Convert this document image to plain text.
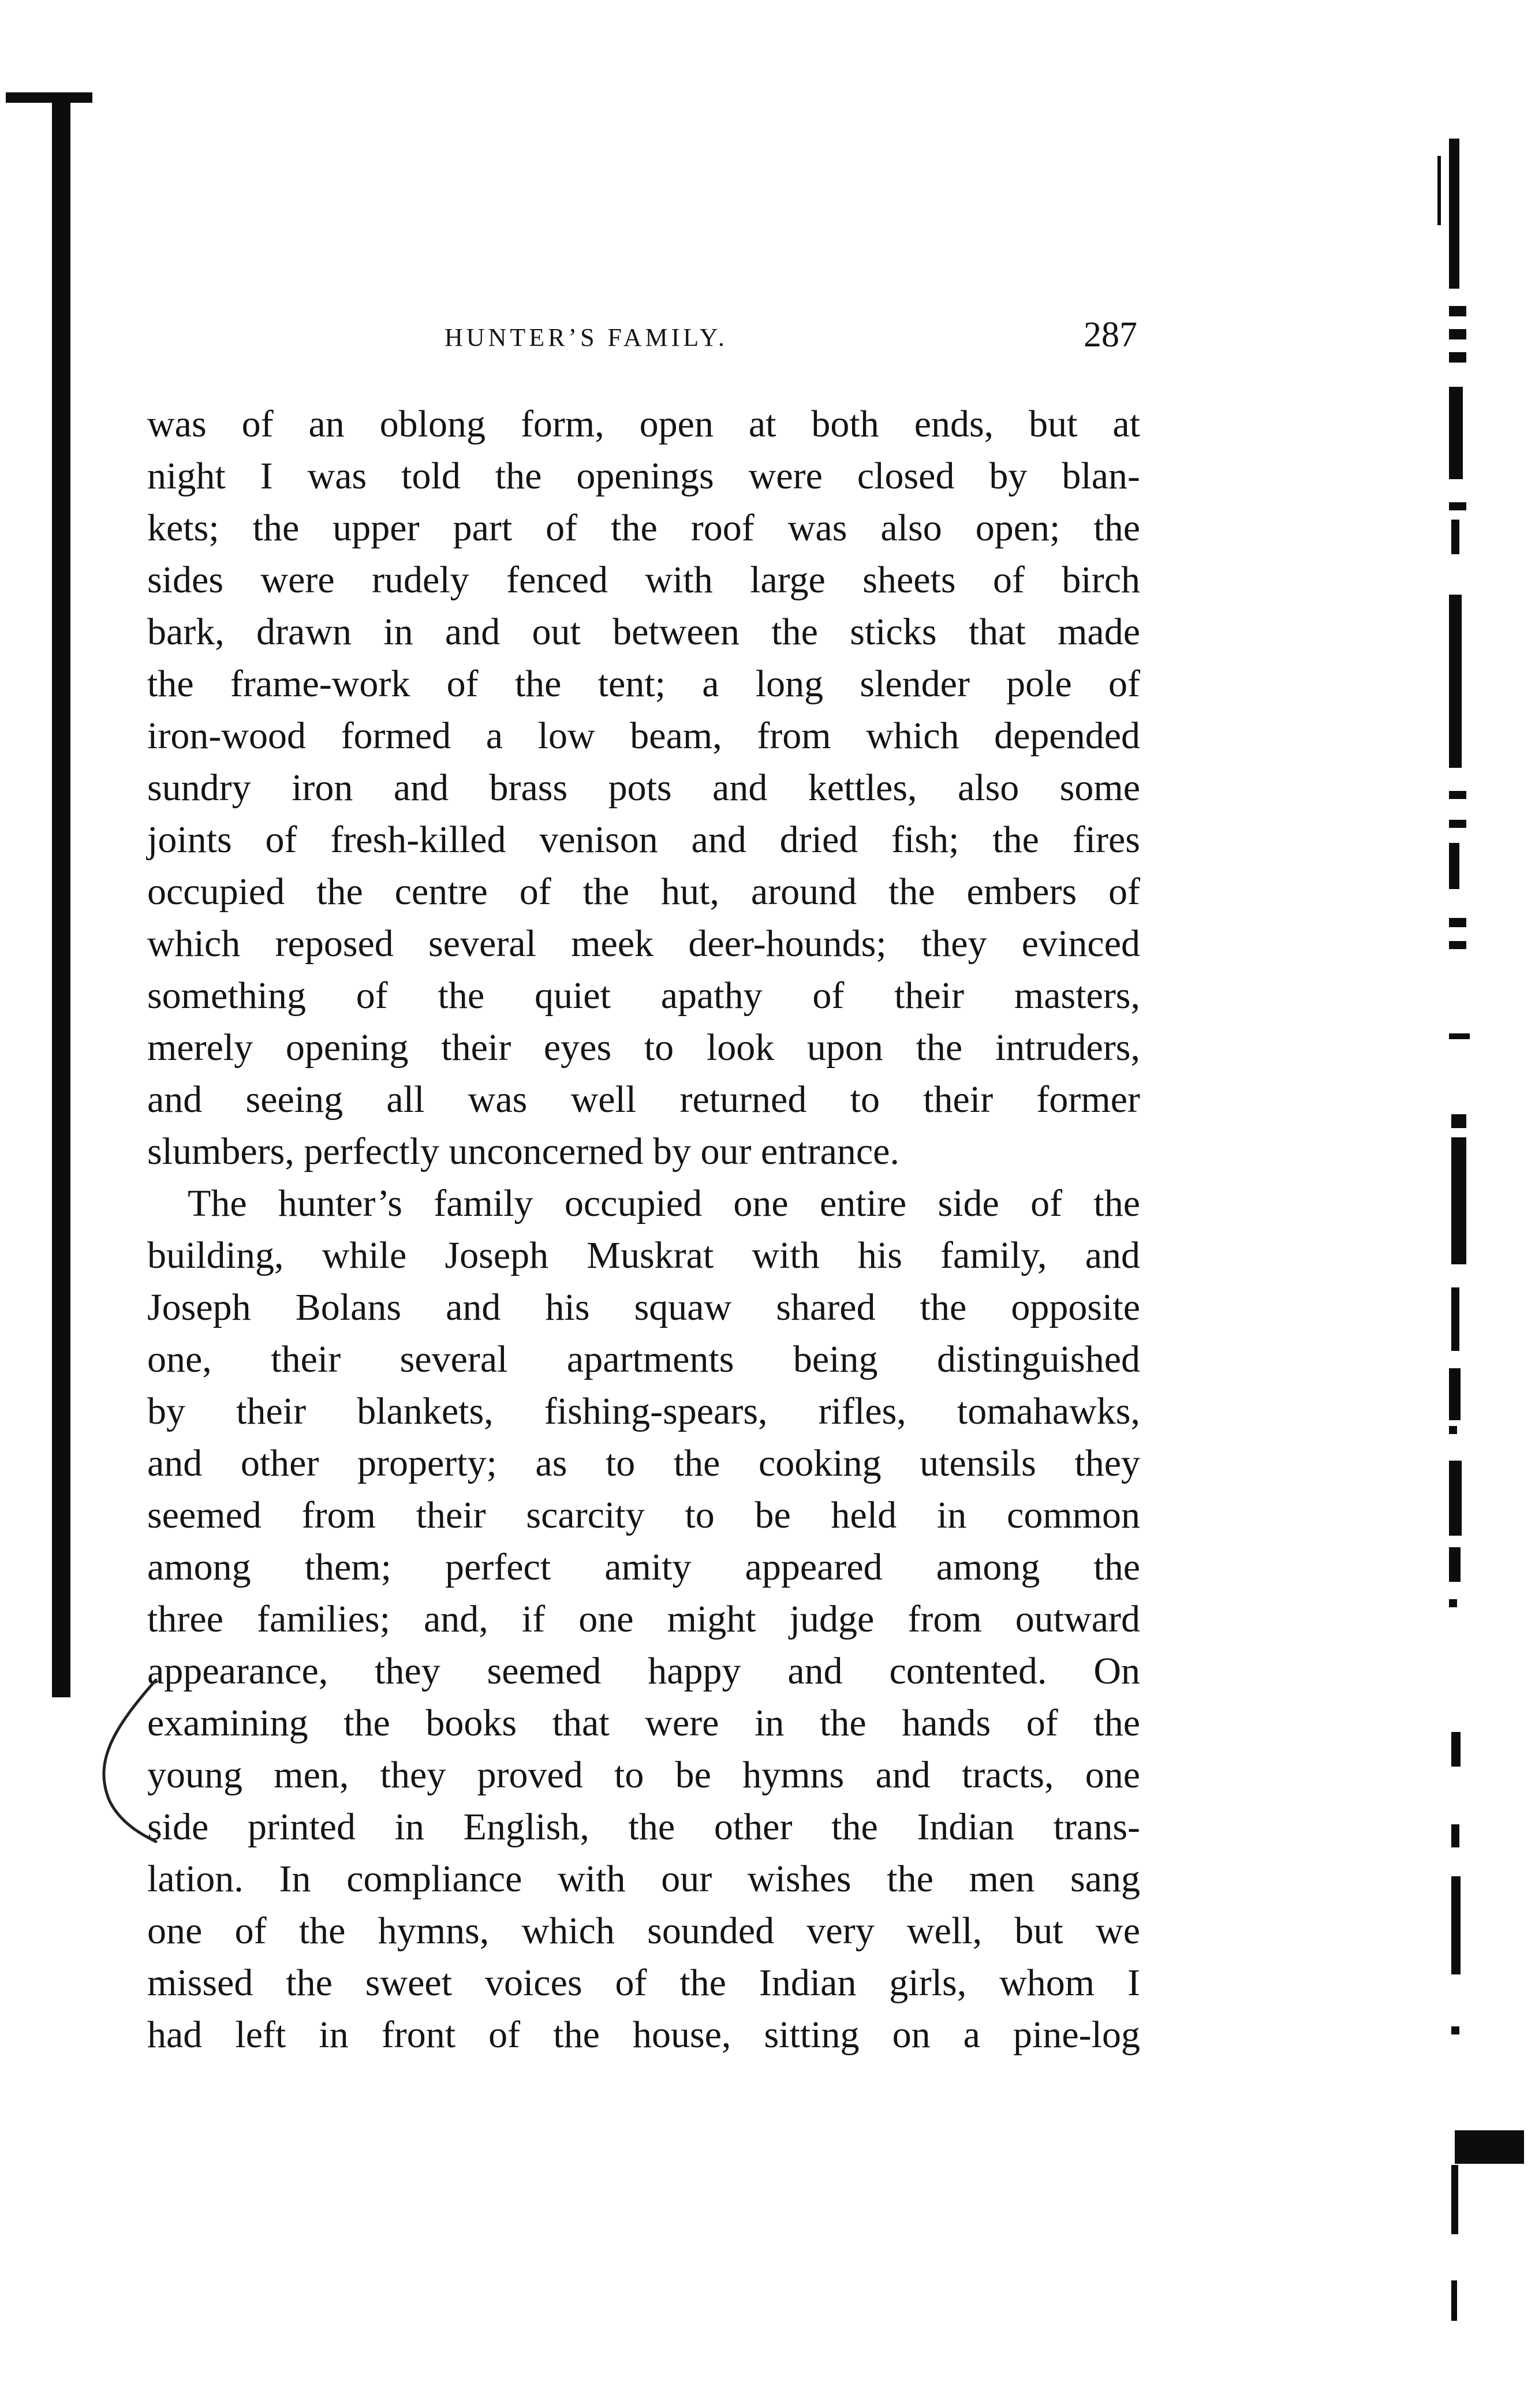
HUNTER’S FAMILY.	287

was of an oblong form, open at both ends, but at
night I was told the openings were closed by blan-
kets; the upper part of the roof was also open; the
sides were rudely fenced with large sheets of birch
bark, drawn in and out between the sticks that made
the frame-work of the tent; a long slender pole of
iron-wood formed a low beam, from which depended
sundry iron and brass pots and kettles, also some
joints of fresh-killed venison and dried fish; the fires
occupied the centre of the hut, around the embers of
which reposed several meek deer-hounds; they evinced
something of the quiet apathy of their masters,
merely opening their eyes to look upon the intruders,
and seeing all was well returned to their former
slumbers, perfectly unconcerned by our entrance.

The hunter’s family occupied one entire side of the
building, while Joseph Muskrat with his family, and
Joseph Bolans and his squaw shared the opposite
one, their several apartments being distinguished
by their blankets, fishing-spears, rifles, tomahawks,
and other property; as to the cooking utensils they
seemed from their scarcity to be held in common
among them; perfect amity appeared among the
three families; and, if one might judge from outward
appearance, they seemed happy and contented. On
examining the books that were in the hands of the
young men, they proved to be hymns and tracts, one
side printed in English, the other the Indian trans-
lation. In compliance with our wishes the men sang
one of the hymns, which sounded very well, but we
missed the sweet voices of the Indian girls, whom I
had left in front of the house, sitting on a pine-log
